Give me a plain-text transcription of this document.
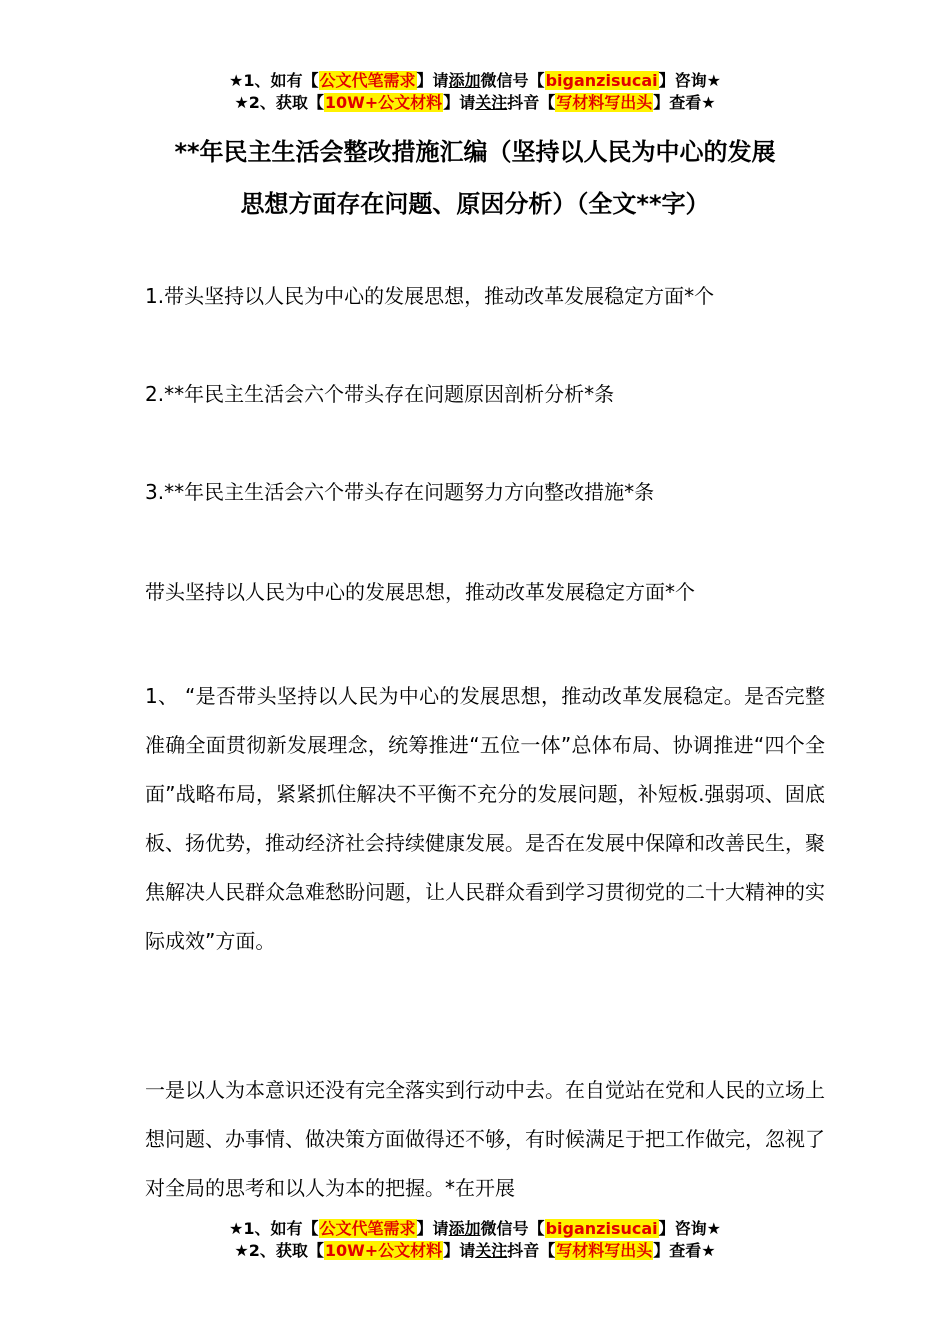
★1、如有【公文代笔需求】请添加微信号【biganzisucai】咨询★
★2、获取【10W+公文材料】请关注抖音【写材料写出头】查看★
**年民主生活会整改措施汇编（坚持以人民为中心的发展
思想方面存在问题、原因分析）（全文**字）
1.带头坚持以人民为中心的发展思想，推动改革发展稳定方面*个
2.**年民主生活会六个带头存在问题原因剖析分析*条
3.**年民主生活会六个带头存在问题努力方向整改措施*条
带头坚持以人民为中心的发展思想，推动改革发展稳定方面*个
1、 “是否带头坚持以人民为中心的发展思想，推动改革发展稳定。是否完整准确全面贯彻新发展理念，统筹推进“五位一体”总体布局、协调推进“四个全面”战略布局，紧紧抓住解决不平衡不充分的发展问题，补短板.强弱项、固底板、扬优势，推动经济社会持续健康发展。是否在发展中保障和改善民生，聚焦解决人民群众急难愁盼问题，让人民群众看到学习贯彻党的二十大精神的实际成效”方面。
一是以人为本意识还没有完全落实到行动中去。在自觉站在党和人民的立场上想问题、办事情、做决策方面做得还不够，有时候满足于把工作做完，忽视了对全局的思考和以人为本的把握。*在开展
★1、如有【公文代笔需求】请添加微信号【biganzisucai】咨询★
★2、获取【10W+公文材料】请关注抖音【写材料写出头】查看★
